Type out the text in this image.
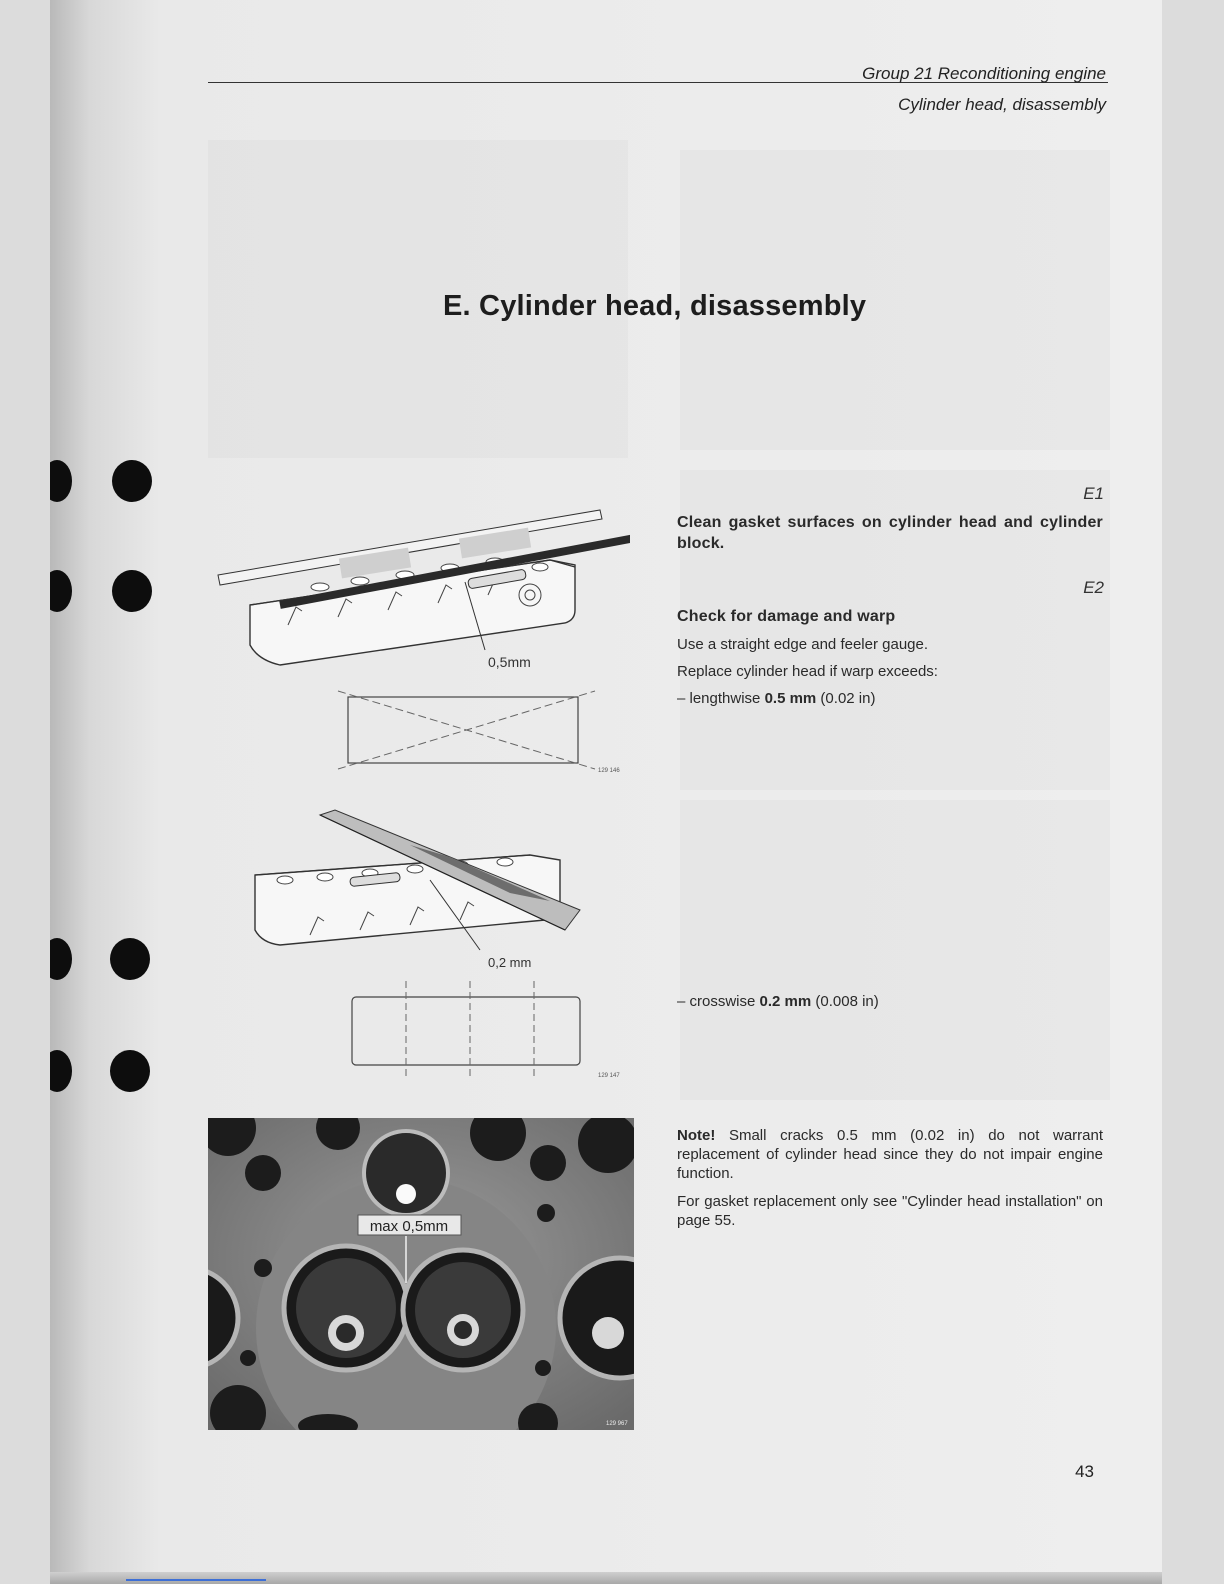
Group 21 Reconditioning engine
Cylinder head, disassembly
E. Cylinder head, disassembly
0,5mm
129 146
0,2 mm
129 147
max 0,5mm
129 967
E1
Clean gasket surfaces on cylinder head and cylinder block.
E2
Check for damage and warp
Use a straight edge and feeler gauge.
Replace cylinder head if warp exceeds:
– lengthwise 0.5 mm (0.02 in)
– crosswise 0.2 mm (0.008 in)
Note! Small cracks 0.5 mm (0.02 in) do not warrant replacement of cylinder head since they do not impair engine function.
For gasket replacement only see "Cylinder head installation" on page 55.
43
